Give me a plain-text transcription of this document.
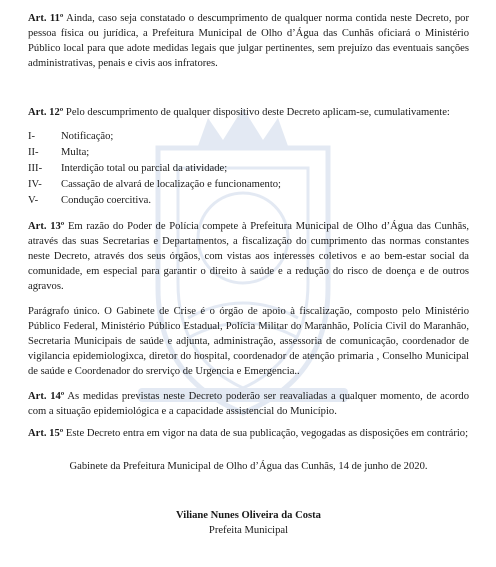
Art. 11º Ainda, caso seja constatado o descumprimento de qualquer norma contida neste Decreto, por pessoa física ou jurídica, a Prefeitura Municipal de Olho d’Água das Cunhãs oficiará o Ministério Público local para que adote medidas legais que julgar pertinentes, sem prejuízo das eventuais sanções administrativas, penais e civis aos infratores.

Art. 12º Pelo descumprimento de qualquer dispositivo deste Decreto aplicam-se, cumulativamente:

I-	Notificação;
II-	Multa;
III-	Interdição total ou parcial da atividade;
IV-	Cassação de alvará de localização e funcionamento;
V-	Condução coercitiva.

Art. 13º Em razão do Poder de Polícia compete à Prefeitura Municipal de Olho d’Água das Cunhãs, através das suas Secretarias e Departamentos, a fiscalização do cumprimento das normas constantes neste Decreto, através dos seus órgãos, com vistas aos interesses coletivos e ao bem-estar social da comunidade, em especial para garantir o direito à saúde e a redução do risco de doença e de outros agravos.

Parágrafo único. O Gabinete de Crise é o órgão de apoio à fiscalização, composto pelo Ministério Público Federal, Ministério Público Estadual, Polícia Militar do Maranhão, Polícia Civil do Maranhão, Secretaria Municipais de saúde e adjunta, administração, assessoria de comunicação, coordenador de vigilancia epidemiologixca, diretor do hospital, coordenador de atenção primaria , Conselho Municipal de saúde e Coordenador do srerviço de Urgencia e Emergencia..

Art. 14º As medidas previstas neste Decreto poderão ser reavaliadas a qualquer momento, de acordo com a situação epidemiológica e a capacidade assistencial do Município.

Art. 15º Este Decreto entra em vigor na data de sua publicação, vegogadas as disposições em contrário;

Gabinete da Prefeitura Municipal de Olho d’Água das Cunhãs, 14 de junho de 2020.

Viliane Nunes Oliveira da Costa

Prefeita Municipal
